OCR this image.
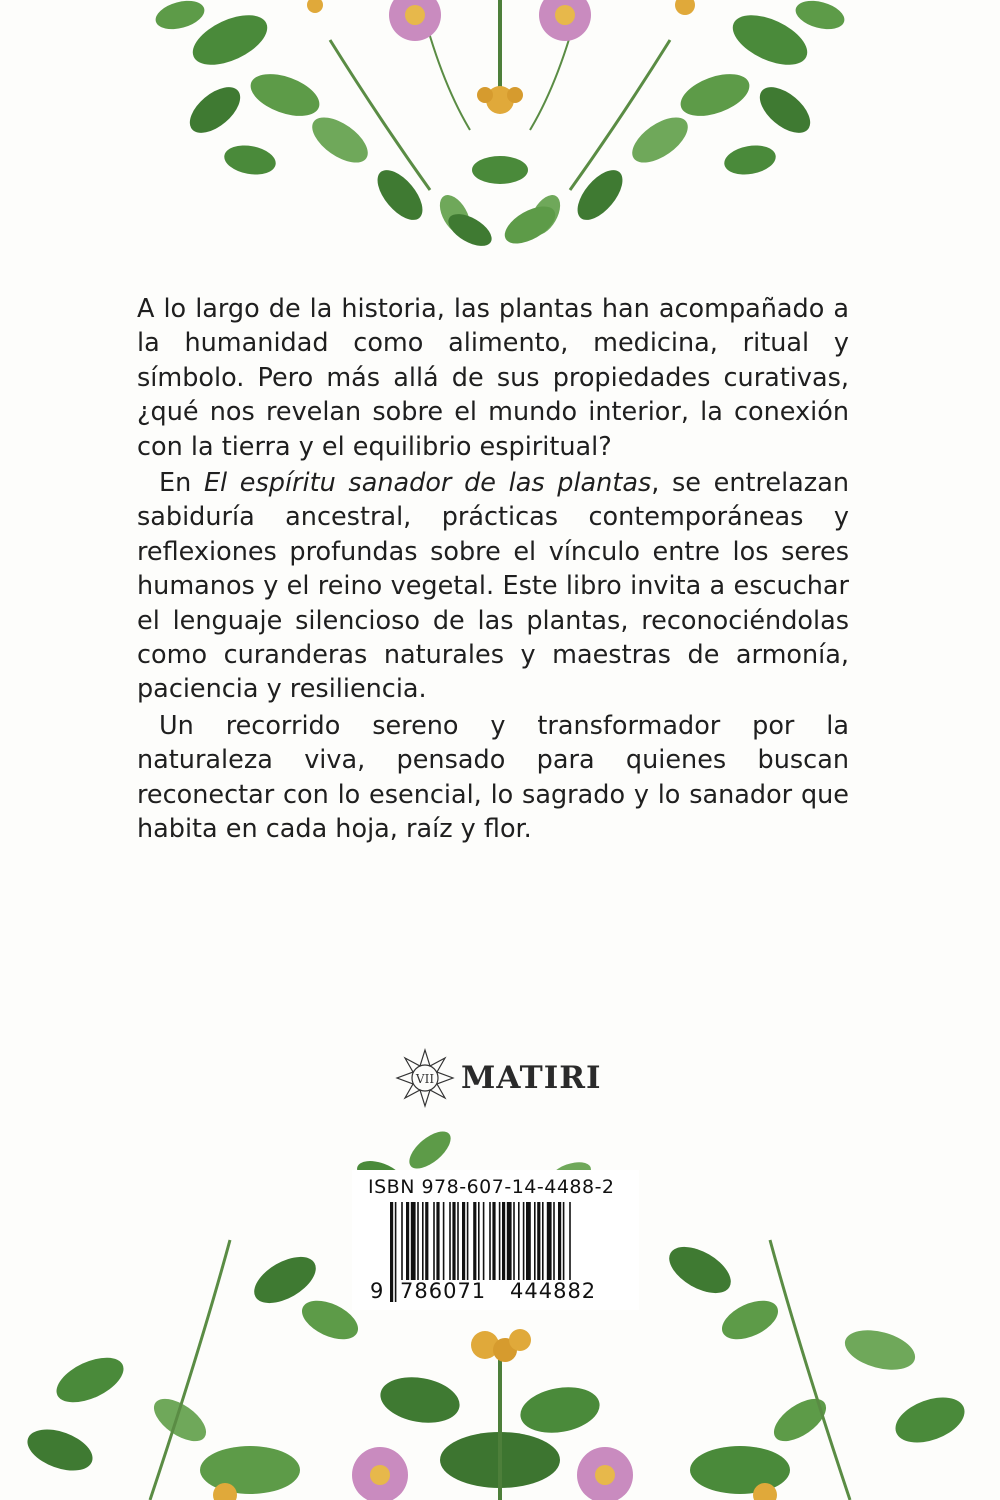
A lo largo de la historia, las plantas han acompañado a la humanidad como alimento, medicina, ritual y símbolo. Pero más allá de sus propiedades curativas, ¿qué nos revelan sobre el mundo interior, la conexión con la tierra y el equilibrio espiritual?

En El espíritu sanador de las plantas, se entrelazan sabiduría ancestral, prácticas contemporáneas y reflexiones profundas sobre el vínculo entre los seres humanos y el reino vegetal. Este libro invita a escuchar el lenguaje silencioso de las plantas, reconociéndolas como curanderas naturales y maestras de armonía, paciencia y resiliencia.

Un recorrido sereno y transformador por la naturaleza viva, pensado para quienes buscan reconectar con lo esencial, lo sagrado y lo sanador que habita en cada hoja, raíz y flor.

VII MATIRI
ISBN 978-607-14-4488-2
9 786071 444882
